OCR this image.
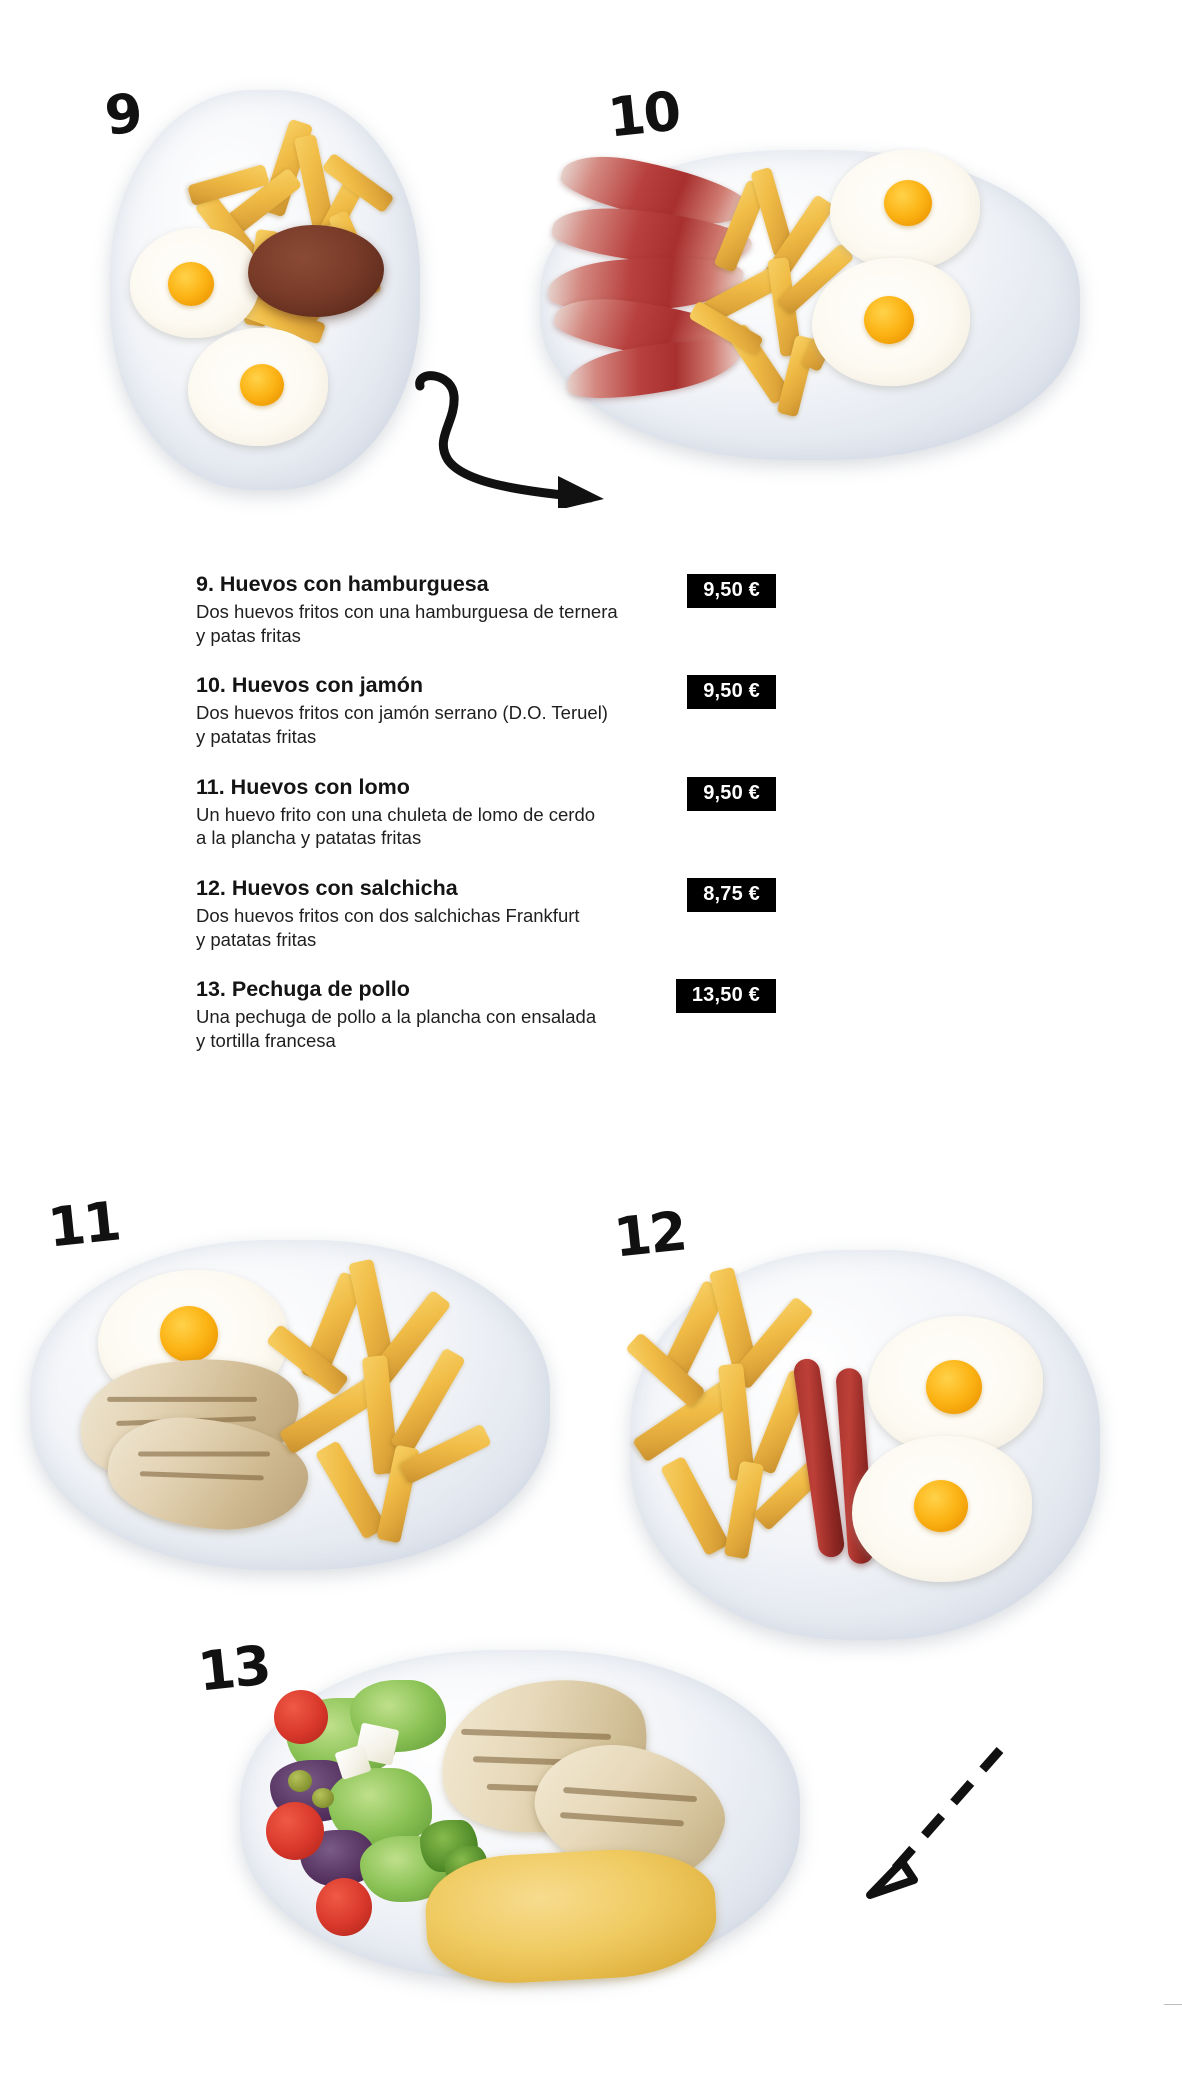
9	10

9. Huevos con hamburguesa

Dos huevos fritos con una hamburguesa de ternera
y patas fritas

9,50 €

10. Huevos con jamón

Dos huevos fritos con jamón serrano (D.O. Teruel)
y patatas fritas

9,50 €

11. Huevos con lomo

Un huevo frito con una chuleta de lomo de cerdo
a la plancha y patatas fritas

9,50 €

12. Huevos con salchicha

Dos huevos fritos con dos salchichas Frankfurt
y patatas fritas

8,75 €

13. Pechuga de pollo

Una pechuga de pollo a la plancha con ensalada
y tortilla francesa

13,50 €
11	12
13
